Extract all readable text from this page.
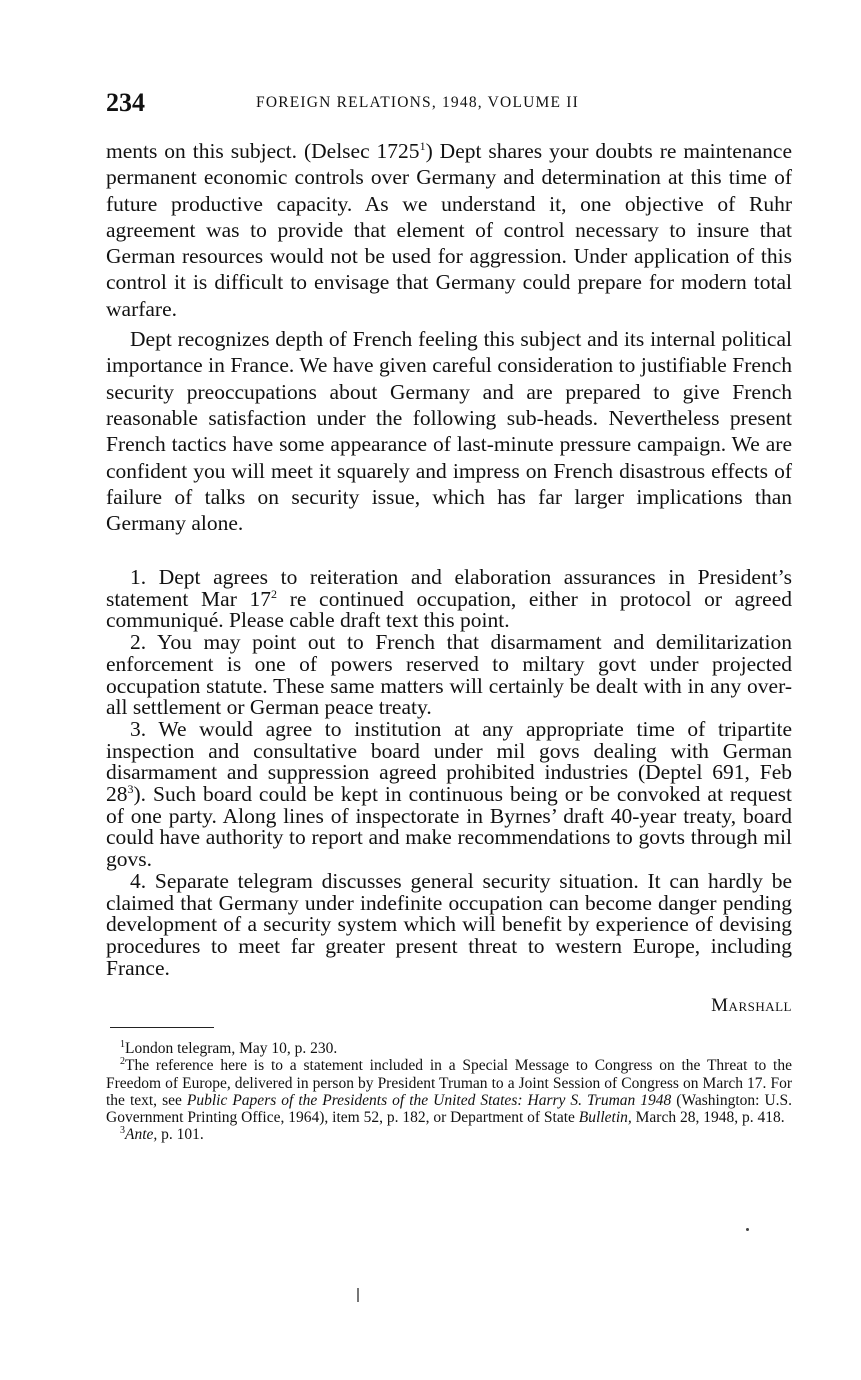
234	FOREIGN RELATIONS, 1948, VOLUME II

ments on this subject. (Delsec 1725$^1$) Dept shares your doubts re maintenance permanent economic controls over Germany and determination at this time of future productive capacity. As we understand it, one objective of Ruhr agreement was to provide that element of control necessary to insure that German resources would not be used for aggression. Under application of this control it is difficult to envisage that Germany could prepare for modern total warfare.

Dept recognizes depth of French feeling this subject and its internal political importance in France. We have given careful consideration to justifiable French security preoccupations about Germany and are prepared to give French reasonable satisfaction under the following sub-heads. Nevertheless present French tactics have some appearance of last-minute pressure campaign. We are confident you will meet it squarely and impress on French disastrous effects of failure of talks on security issue, which has far larger implications than Germany alone.

1. Dept agrees to reiteration and elaboration assurances in President’s statement Mar 17$^2$ re continued occupation, either in protocol or agreed communiqué. Please cable draft text this point.

2. You may point out to French that disarmament and demilitarization enforcement is one of powers reserved to miltary govt under projected occupation statute. These same matters will certainly be dealt with in any over-all settlement or German peace treaty.

3. We would agree to institution at any appropriate time of tripartite inspection and consultative board under mil govs dealing with German disarmament and suppression agreed prohibited industries (Deptel 691, Feb 28$^3$). Such board could be kept in continuous being or be convoked at request of one party. Along lines of inspectorate in Byrnes’ draft 40-year treaty, board could have authority to report and make recommendations to govts through mil govs.

4. Separate telegram discusses general security situation. It can hardly be claimed that Germany under indefinite occupation can become danger pending development of a security system which will benefit by experience of devising procedures to meet far greater present threat to western Europe, including France.

Marshall

$^1$London telegram, May 10, p. 230.

$^2$The reference here is to a statement included in a Special Message to Congress on the Threat to the Freedom of Europe, delivered in person by President Truman to a Joint Session of Congress on March 17. For the text, see Public Papers of the Presidents of the United States: Harry S. Truman 1948 (Washington: U.S. Government Printing Office, 1964), item 52, p. 182, or Department of State Bulletin, March 28, 1948, p. 418.

$^3$Ante, p. 101.
